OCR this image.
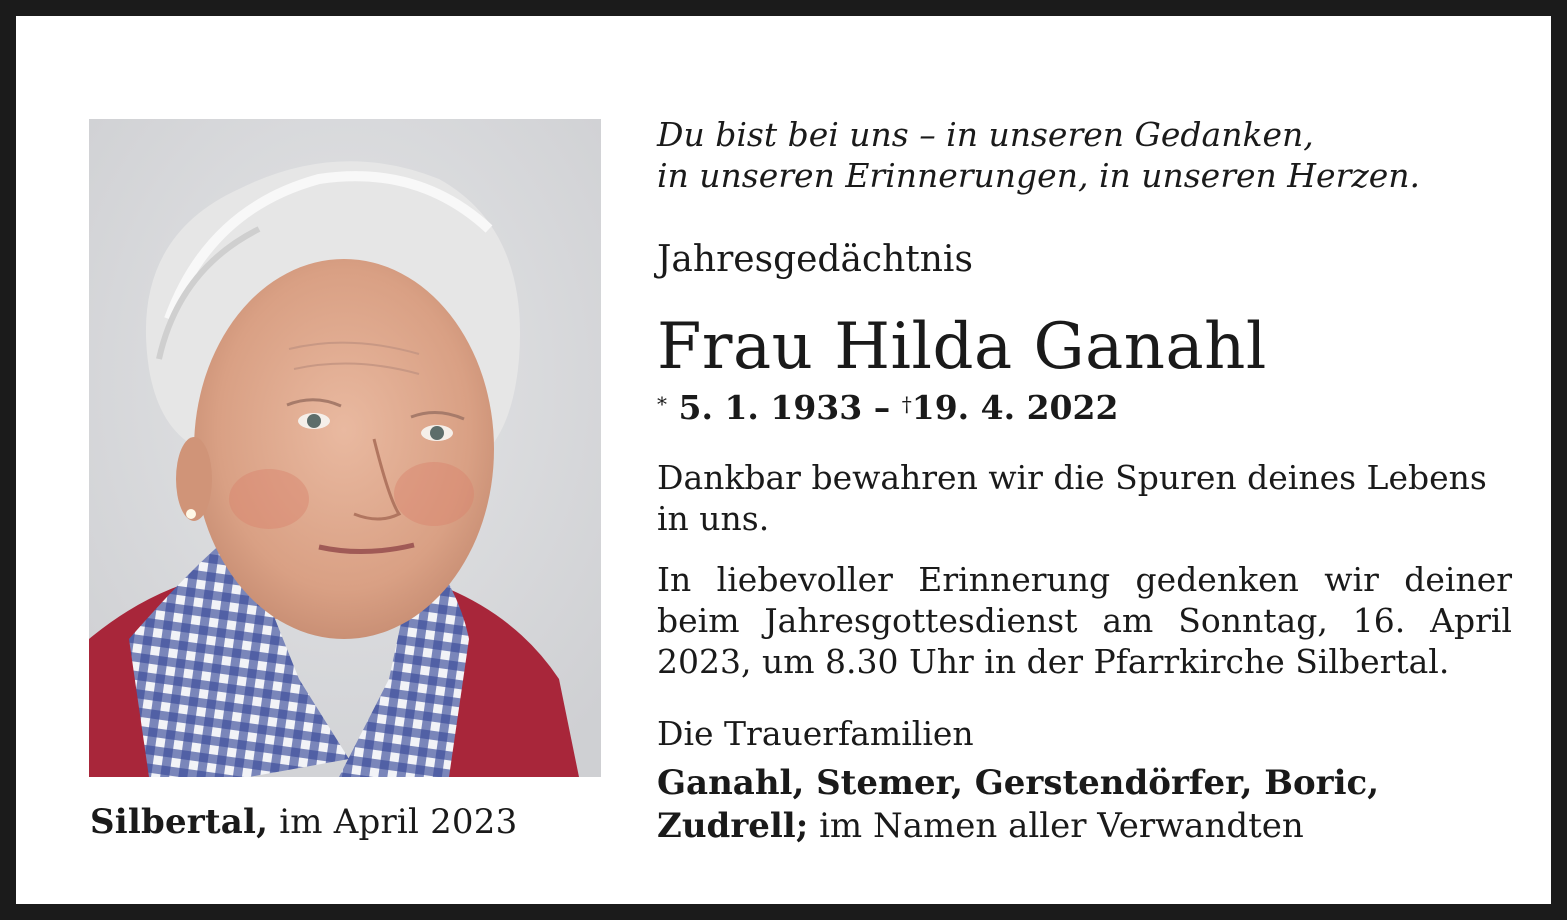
Silbertal, im April 2023
Du bist bei uns – in unseren Gedanken,
in unseren Erinnerungen, in unseren Herzen.
Jahresgedächtnis
Frau Hilda Ganahl
* 5. 1. 1933 – †19. 4. 2022
Dankbar bewahren wir die Spuren deines Lebens in uns.
In liebevoller Erinnerung gedenken wir deiner beim Jahresgottesdienst am Sonntag, 16. April 2023, um 8.30 Uhr in der Pfarrkirche Silbertal.
Die Trauerfamilien
Ganahl, Stemer, Gerstendörfer, Boric,
Zudrell; im Namen aller Verwandten
